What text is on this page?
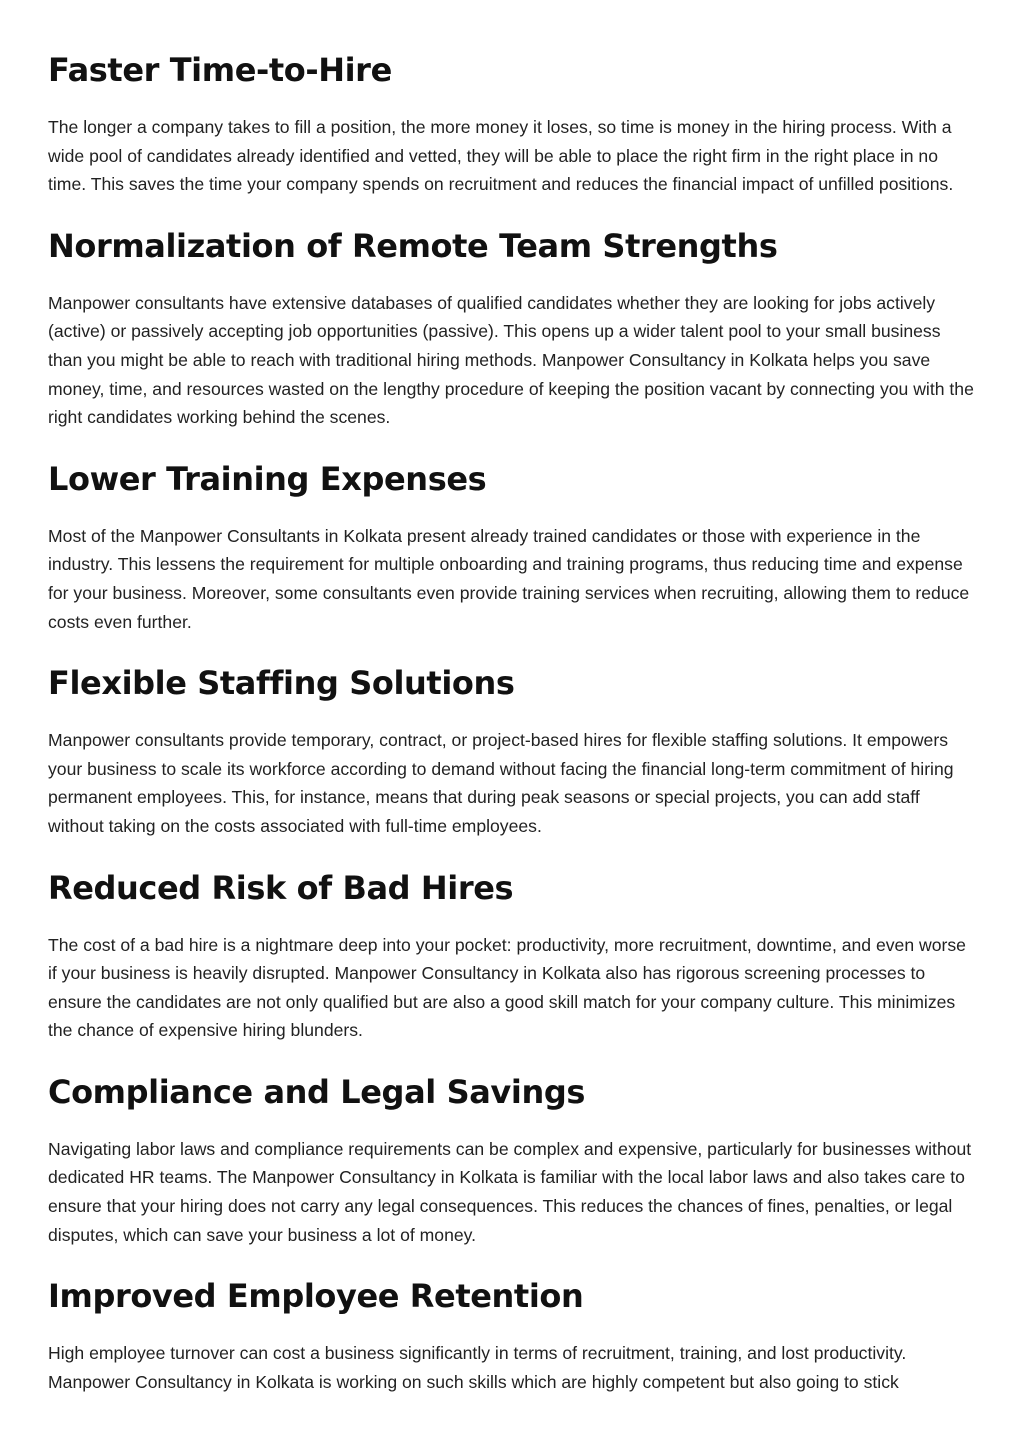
Faster Time-to-Hire

The longer a company takes to fill a position, the more money it loses, so time is money in the hiring process. With a wide pool of candidates already identified and vetted, they will be able to place the right firm in the right place in no time. This saves the time your company spends on recruitment and reduces the financial impact of unfilled positions.

Normalization of Remote Team Strengths

Manpower consultants have extensive databases of qualified candidates whether they are looking for jobs actively (active) or passively accepting job opportunities (passive). This opens up a wider talent pool to your small business than you might be able to reach with traditional hiring methods. Manpower Consultancy in Kolkata helps you save money, time, and resources wasted on the lengthy procedure of keeping the position vacant by connecting you with the right candidates working behind the scenes.

Lower Training Expenses

Most of the Manpower Consultants in Kolkata present already trained candidates or those with experience in the industry. This lessens the requirement for multiple onboarding and training programs, thus reducing time and expense for your business. Moreover, some consultants even provide training services when recruiting, allowing them to reduce costs even further.

Flexible Staffing Solutions

Manpower consultants provide temporary, contract, or project-based hires for flexible staffing solutions. It empowers your business to scale its workforce according to demand without facing the financial long-term commitment of hiring permanent employees. This, for instance, means that during peak seasons or special projects, you can add staff without taking on the costs associated with full-time employees.

Reduced Risk of Bad Hires

The cost of a bad hire is a nightmare deep into your pocket: productivity, more recruitment, downtime, and even worse if your business is heavily disrupted. Manpower Consultancy in Kolkata also has rigorous screening processes to ensure the candidates are not only qualified but are also a good skill match for your company culture. This minimizes the chance of expensive hiring blunders.

Compliance and Legal Savings

Navigating labor laws and compliance requirements can be complex and expensive, particularly for businesses without dedicated HR teams. The Manpower Consultancy in Kolkata is familiar with the local labor laws and also takes care to ensure that your hiring does not carry any legal consequences. This reduces the chances of fines, penalties, or legal disputes, which can save your business a lot of money.

Improved Employee Retention

High employee turnover can cost a business significantly in terms of recruitment, training, and lost productivity. Manpower Consultancy in Kolkata is working on such skills which are highly competent but also going to stick
